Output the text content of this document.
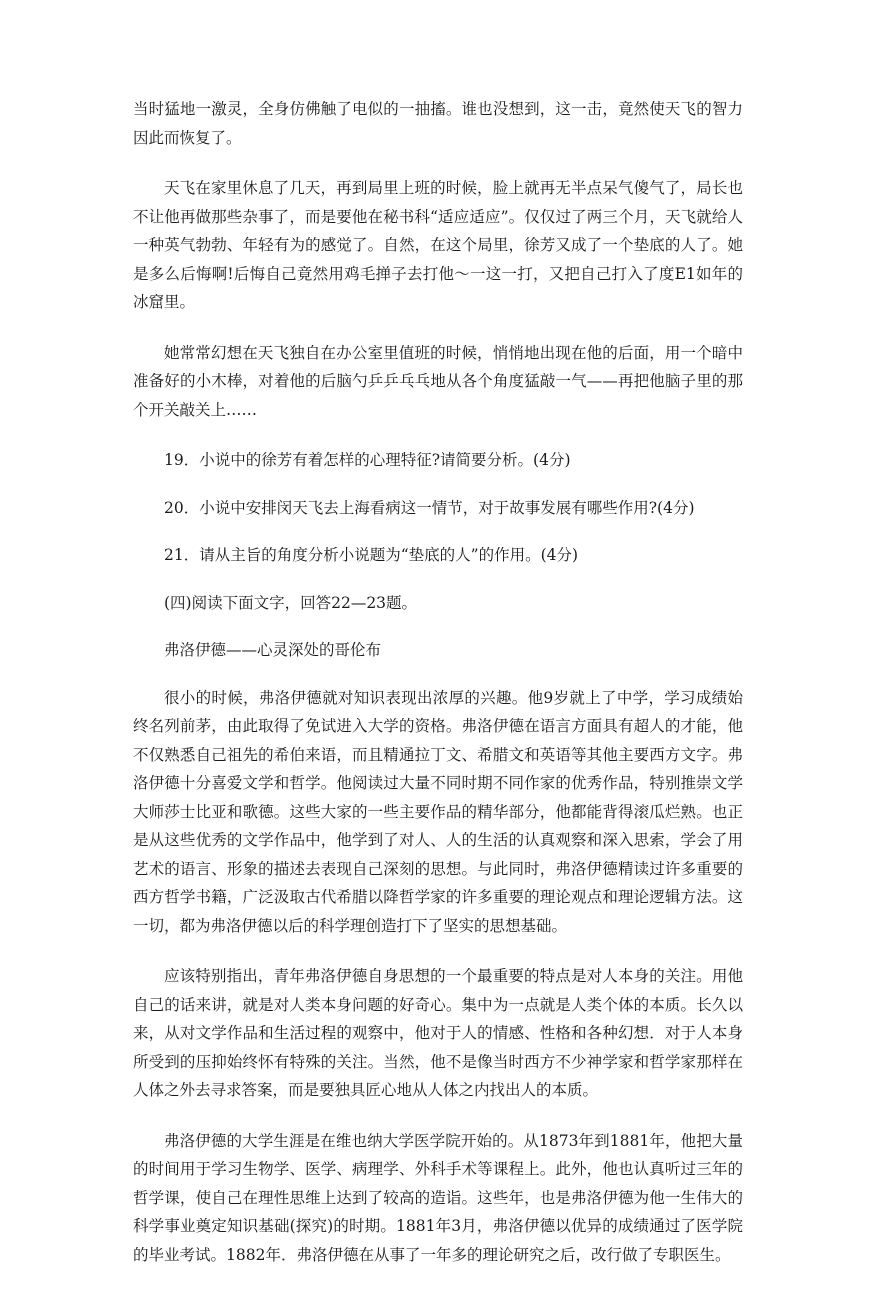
当时猛地一激灵，全身仿佛触了电似的一抽搐。谁也没想到，这一击，竟然使天飞的智力因此而恢复了。

天飞在家里休息了几天，再到局里上班的时候，脸上就再无半点呆气傻气了，局长也不让他再做那些杂事了，而是要他在秘书科“适应适应”。仅仅过了两三个月，天飞就给人一种英气勃勃、年轻有为的感觉了。自然，在这个局里，徐芳又成了一个垫底的人了。她是多么后悔啊!后悔自己竟然用鸡毛掸子去打他～一这一打，又把自己打入了度E1如年的冰窟里。

她常常幻想在天飞独自在办公室里值班的时候，悄悄地出现在他的后面，用一个暗中准备好的小木棒，对着他的后脑勺乒乒乓乓地从各个角度猛敲一气——再把他脑子里的那个开关敲关上……

19．小说中的徐芳有着怎样的心理特征?请简要分析。(4分)

20．小说中安排闵天飞去上海看病这一情节，对于故事发展有哪些作用?(4分)

21．请从主旨的角度分析小说题为“垫底的人”的作用。(4分)

(四)阅读下面文字，回答22—23题。

弗洛伊德——心灵深处的哥伦布

很小的时候，弗洛伊德就对知识表现出浓厚的兴趣。他9岁就上了中学，学习成绩始终名列前茅，由此取得了免试进入大学的资格。弗洛伊德在语言方面具有超人的才能，他不仅熟悉自己祖先的希伯来语，而且精通拉丁文、希腊文和英语等其他主要西方文字。弗洛伊德十分喜爱文学和哲学。他阅读过大量不同时期不同作家的优秀作品，特别推崇文学大师莎士比亚和歌德。这些大家的一些主要作品的精华部分，他都能背得滚瓜烂熟。也正是从这些优秀的文学作品中，他学到了对人、人的生活的认真观察和深入思索，学会了用艺术的语言、形象的描述去表现自己深刻的思想。与此同时，弗洛伊德精读过许多重要的西方哲学书籍，广泛汲取古代希腊以降哲学家的许多重要的理论观点和理论逻辑方法。这一切，都为弗洛伊德以后的科学理创造打下了坚实的思想基础。

应该特别指出，青年弗洛伊德自身思想的一个最重要的特点是对人本身的关注。用他自己的话来讲，就是对人类本身问题的好奇心。集中为一点就是人类个体的本质。长久以来，从对文学作品和生活过程的观察中，他对于人的情感、性格和各种幻想．对于人本身所受到的压抑始终怀有特殊的关注。当然，他不是像当时西方不少神学家和哲学家那样在人体之外去寻求答案，而是要独具匠心地从人体之内找出人的本质。

弗洛伊德的大学生涯是在维也纳大学医学院开始的。从1873年到1881年，他把大量的时间用于学习生物学、医学、病理学、外科手术等课程上。此外，他也认真听过三年的哲学课，使自己在理性思维上达到了较高的造诣。这些年，也是弗洛伊德为他一生伟大的科学事业奠定知识基础(探究)的时期。1881年3月，弗洛伊德以优异的成绩通过了医学院的毕业考试。1882年．弗洛伊德在从事了一年多的理论研究之后，改行做了专职医生。
